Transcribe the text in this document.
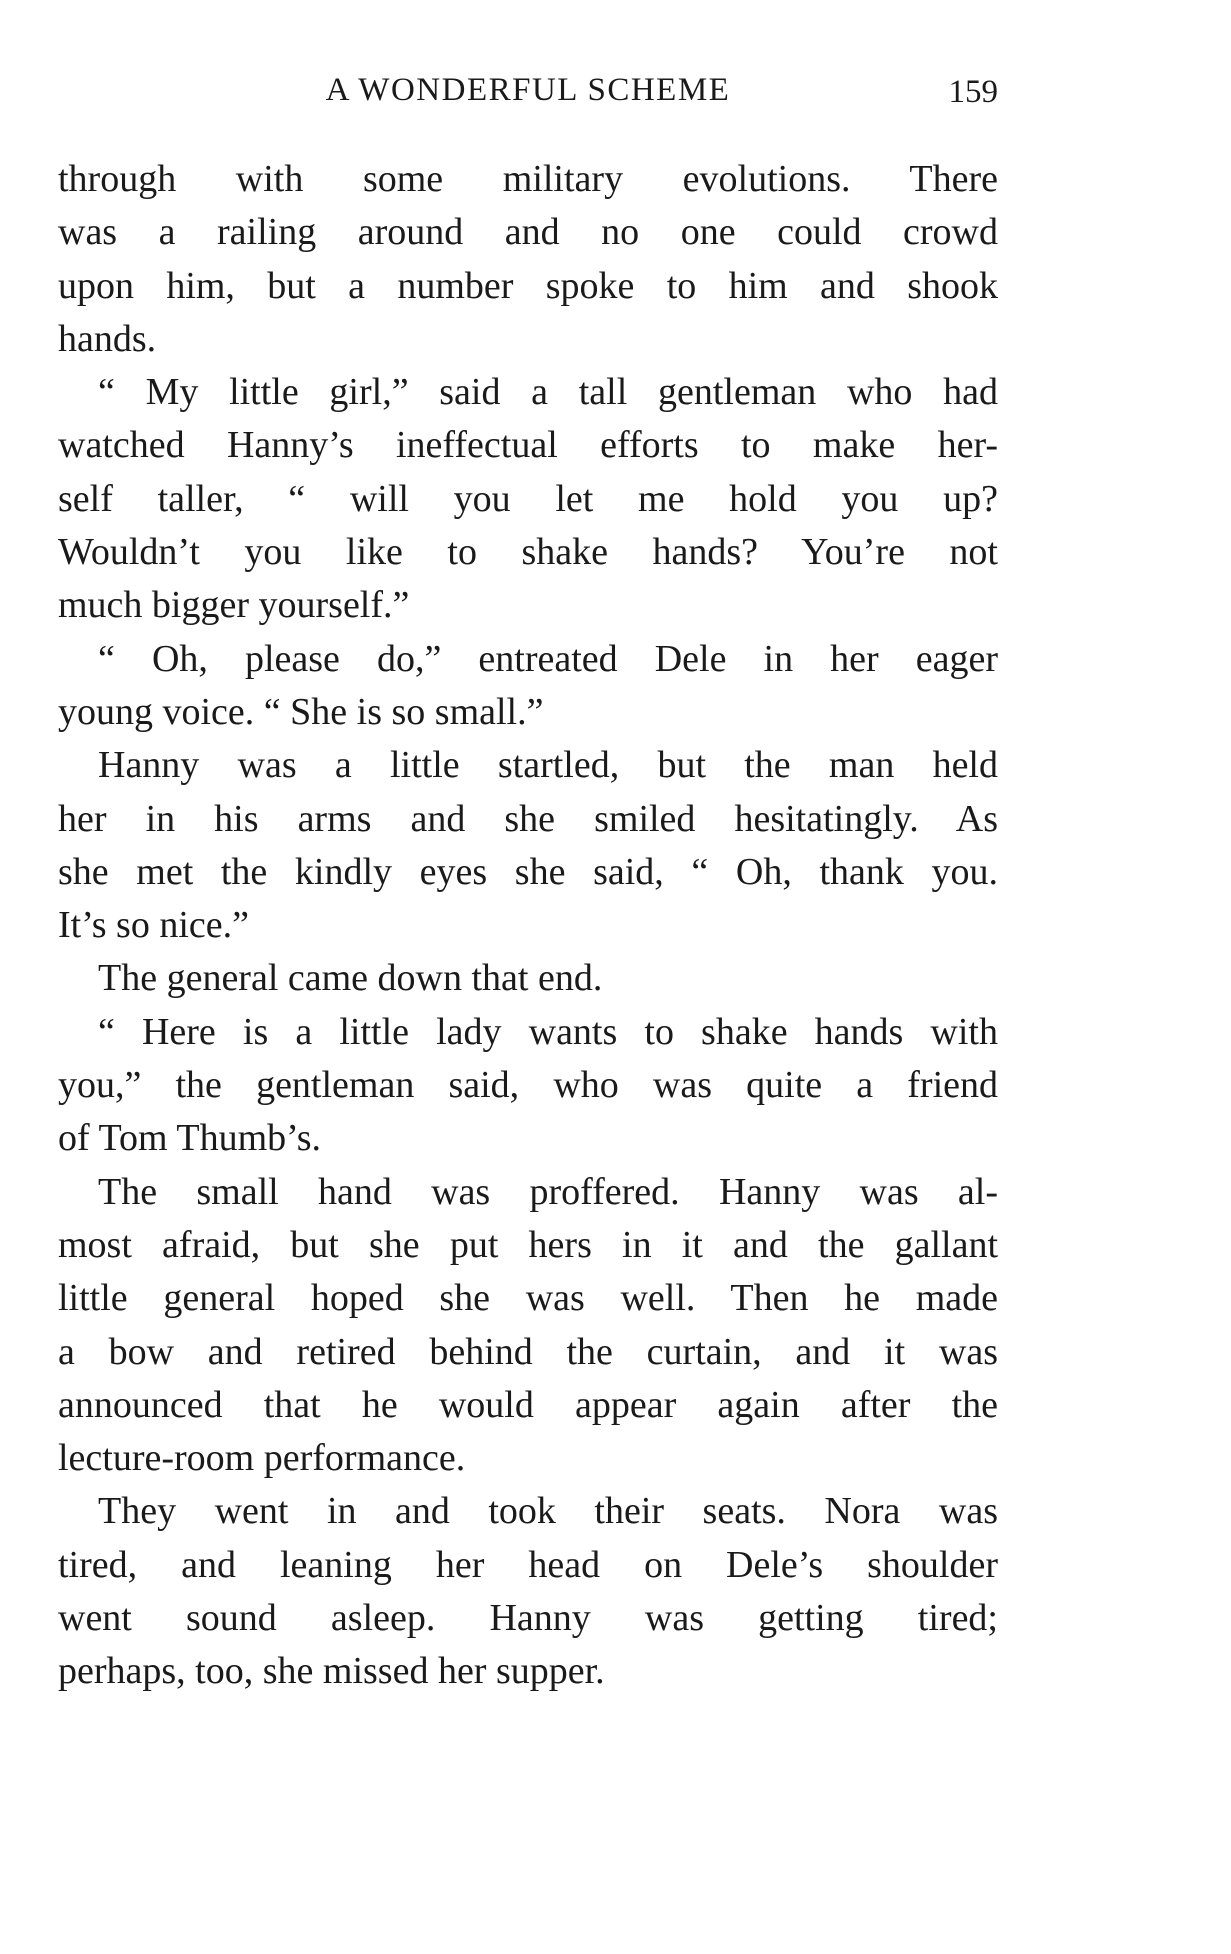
A WONDERFUL SCHEME	159
through with some military evolutions. There
was a railing around and no one could crowd
upon him, but a number spoke to him and shook
hands.
“ My little girl,” said a tall gentleman who had
watched Hanny’s ineffectual efforts to make her-
self taller, “ will you let me hold you up?
Wouldn’t you like to shake hands? You’re not
much bigger yourself.”
“ Oh, please do,” entreated Dele in her eager
young voice. “ She is so small.”
Hanny was a little startled, but the man held
her in his arms and she smiled hesitatingly. As
she met the kindly eyes she said, “ Oh, thank you.
It’s so nice.”
The general came down that end.
“ Here is a little lady wants to shake hands with
you,” the gentleman said, who was quite a friend
of Tom Thumb’s.
The small hand was proffered. Hanny was al-
most afraid, but she put hers in it and the gallant
little general hoped she was well. Then he made
a bow and retired behind the curtain, and it was
announced that he would appear again after the
lecture-room performance.
They went in and took their seats. Nora was
tired, and leaning her head on Dele’s shoulder
went sound asleep. Hanny was getting tired;
perhaps, too, she missed her supper.
